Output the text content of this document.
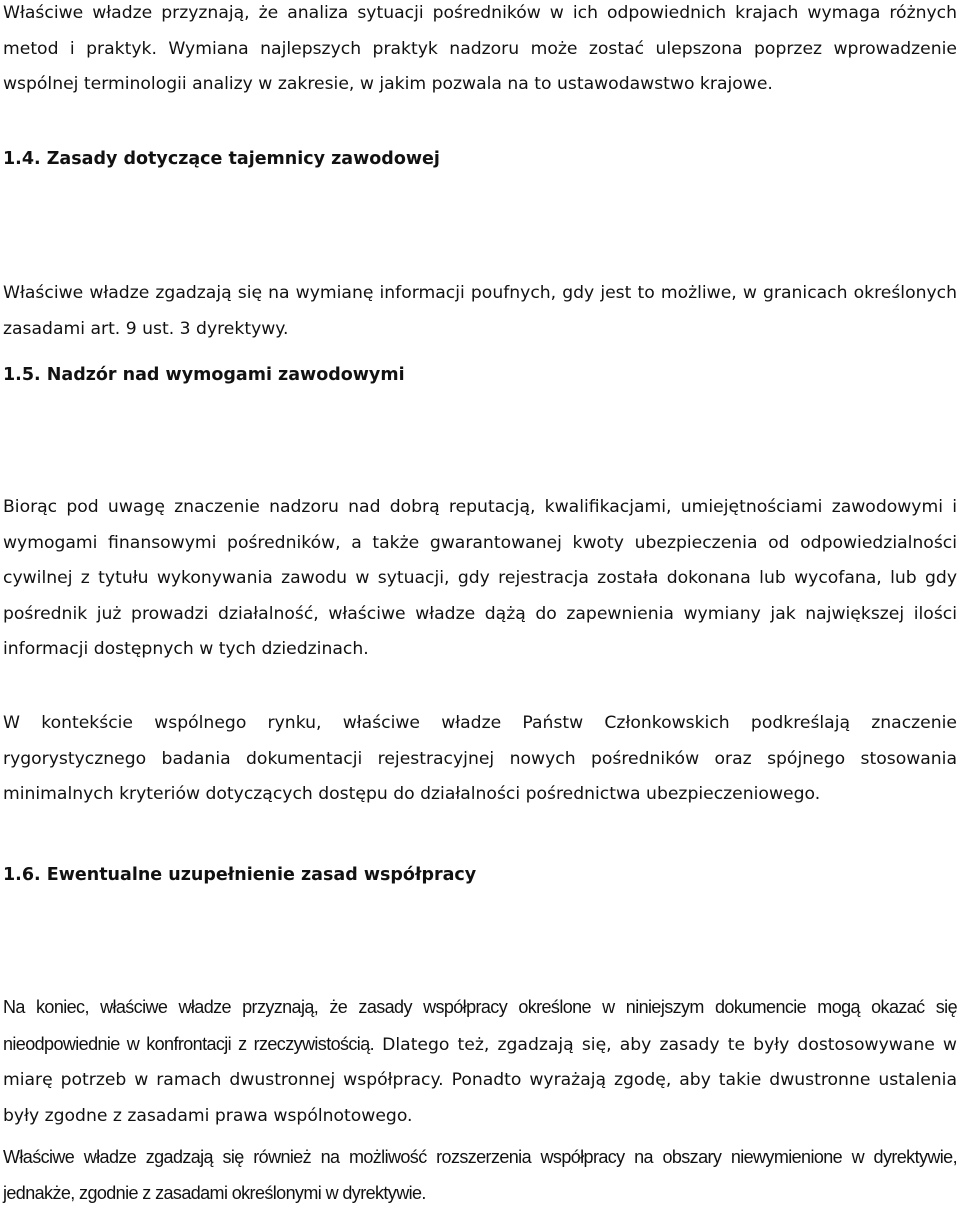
Właściwe władze przyznają, że analiza sytuacji pośredników w ich odpowiednich krajach wymaga różnych metod i praktyk. Wymiana najlepszych praktyk nadzoru może zostać ulepszona poprzez wprowadzenie wspólnej terminologii analizy w zakresie, w jakim pozwala na to ustawodawstwo krajowe.

1.4. Zasady dotyczące tajemnicy zawodowej

Właściwe władze zgadzają się na wymianę informacji poufnych, gdy jest to możliwe, w granicach określonych zasadami art. 9 ust. 3 dyrektywy.

1.5. Nadzór nad wymogami zawodowymi

Biorąc pod uwagę znaczenie nadzoru nad dobrą reputacją, kwalifikacjami, umiejętnościami zawodowymi i wymogami finansowymi pośredników, a także gwarantowanej kwoty ubezpieczenia od odpowiedzialności cywilnej z tytułu wykonywania zawodu w sytuacji, gdy rejestracja została dokonana lub wycofana, lub gdy pośrednik już prowadzi działalność, właściwe władze dążą do zapewnienia wymiany jak największej ilości informacji dostępnych w tych dziedzinach.

W kontekście wspólnego rynku, właściwe władze Państw Członkowskich podkreślają znaczenie rygorystycznego badania dokumentacji rejestracyjnej nowych pośredników oraz spójnego stosowania minimalnych kryteriów dotyczących dostępu do działalności pośrednictwa ubezpieczeniowego.

1.6. Ewentualne uzupełnienie zasad współpracy

Na koniec, właściwe władze przyznają, że zasady współpracy określone w niniejszym dokumencie mogą okazać się nieodpowiednie w konfrontacji z rzeczywistością. Dlatego też, zgadzają się, aby zasady te były dostosowywane w miarę potrzeb w ramach dwustronnej współpracy. Ponadto wyrażają zgodę, aby takie dwustronne ustalenia były zgodne z zasadami prawa wspólnotowego.

Właściwe władze zgadzają się również na możliwość rozszerzenia współpracy na obszary niewymienione w dyrektywie, jednakże, zgodnie z zasadami określonymi w dyrektywie.
